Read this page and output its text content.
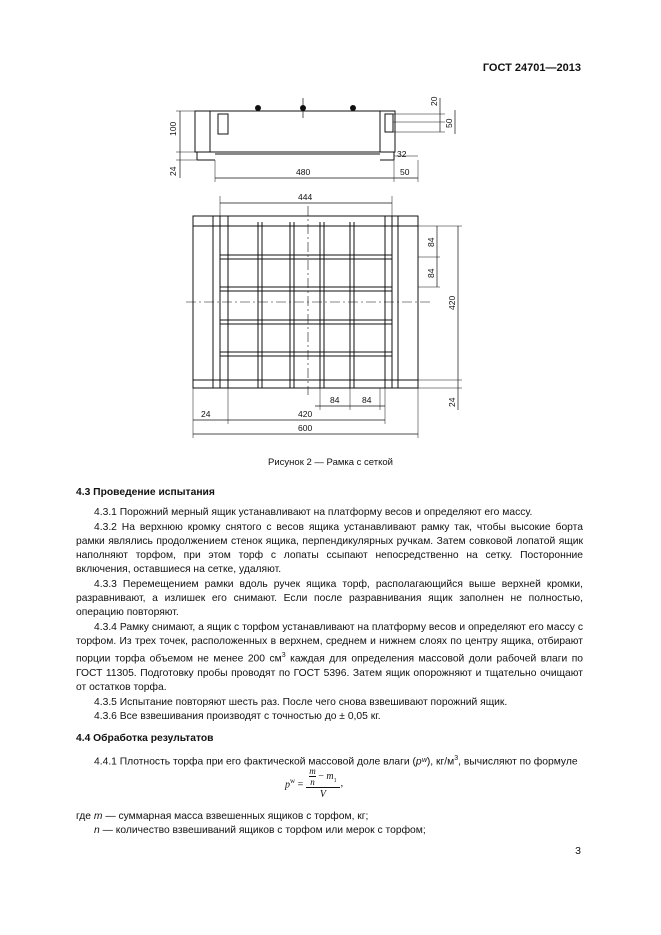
ГОСТ 24701—2013
100
24	480
20
50
50
32
444
84
84
420
24
24	420
84	84
600
Рисунок 2 — Рамка с сеткой

4.3 Проведение испытания

4.3.1 Порожний мерный ящик устанавливают на платформу весов и определяют его массу.

4.3.2 На верхнюю кромку снятого с весов ящика устанавливают рамку так, чтобы высокие борта рамки являлись продолжением стенок ящика, перпендикулярных ручкам. Затем совковой лопатой ящик наполняют торфом, при этом торф с лопаты ссыпают непосредственно на сетку. Посторонние включения, оставшиеся на сетке, удаляют.

4.3.3 Перемещением рамки вдоль ручек ящика торф, располагающийся выше верхней кромки, разравнивают, а излишек его снимают. Если после разравнивания ящик заполнен не полностью, операцию повторяют.

4.3.4 Рамку снимают, а ящик с торфом устанавливают на платформу весов и определяют его массу с торфом. Из трех точек, расположенных в верхнем, среднем и нижнем слоях по центру ящика, отбирают порции торфа объемом не менее 200 $см^3$ каждая для определения массовой доли рабочей влаги по ГОСТ 11305. Подготовку пробы проводят по ГОСТ 5396. Затем ящик опорожняют и тщательно очищают от остатков торфа.

4.3.5 Испытание повторяют шесть раз. После чего снова взвешивают порожний ящик.

4.3.6 Все взвешивания производят с точностью до ± 0,05 кг.

4.4 Обработка результатов

4.4.1 Плотность торфа при его фактической массовой доле влаги (pʷ), $кг/м^3$, вычисляют по формуле

$p^w$ =	$\frac{m}{n} - m_1$	,
V

где m — суммарная масса взвешенных ящиков с торфом, кг;

n — количество взвешиваний ящиков с торфом или мерок с торфом;

3
